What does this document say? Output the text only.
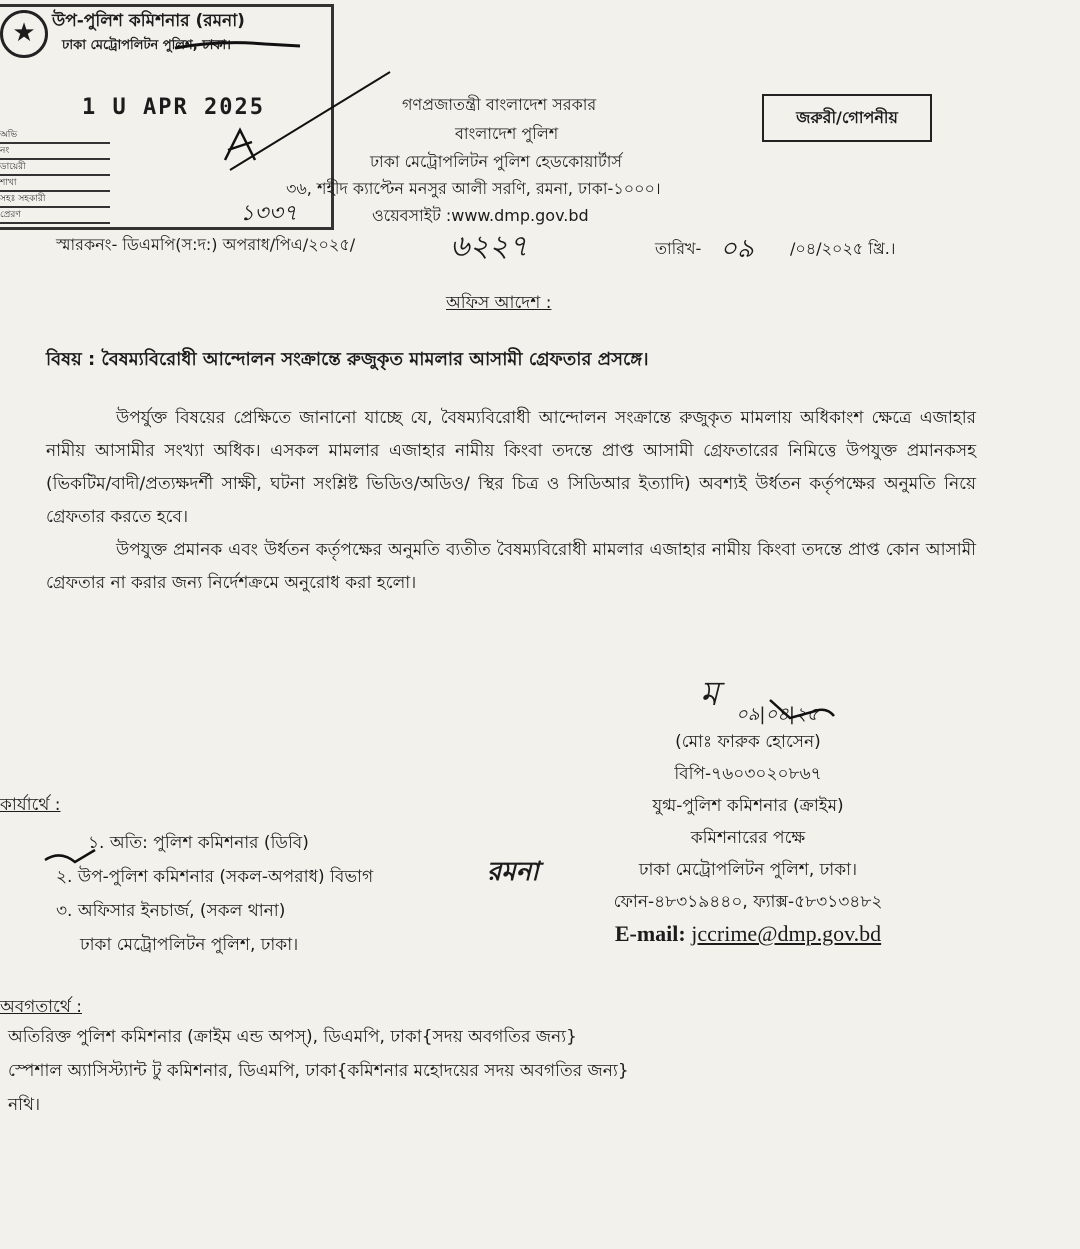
★ উপ-পুলিশ কমিশনার (রমনা)
ঢাকা মেট্রোপলিটন পুলিশ, ঢাকা।
1 U APR 2025
অভি
নং
ডায়েরী
শাখা
সহঃ সহকারী
প্রেরণ	১৩৩৭
গণপ্রজাতন্ত্রী বাংলাদেশ সরকার
বাংলাদেশ পুলিশ
ঢাকা মেট্রোপলিটন পুলিশ হেডকোয়ার্টার্স
৩৬, শহীদ ক্যাপ্টেন মনসুর আলী সরণি, রমনা, ঢাকা-১০০০।
ওয়েবসাইট :www.dmp.gov.bd
জরুরী/গোপনীয়
স্মারকনং- ডিএমপি(স:দ:) অপরাধ/পিএ/২০২৫/	৬২২৭	তারিখ- ০৯ /০৪/২০২৫ খ্রি.।
অফিস আদেশ :
বিষয় : বৈষম্যবিরোধী আন্দোলন সংক্রান্তে রুজুকৃত মামলার আসামী গ্রেফতার প্রসঙ্গে।

উপর্যুক্ত বিষয়ের প্রেক্ষিতে জানানো যাচ্ছে যে, বৈষম্যবিরোধী আন্দোলন সংক্রান্তে রুজুকৃত মামলায় অধিকাংশ ক্ষেত্রে এজাহার নামীয় আসামীর সংখ্যা অধিক। এসকল মামলার এজাহার নামীয় কিংবা তদন্তে প্রাপ্ত আসামী গ্রেফতারের নিমিত্তে উপযুক্ত প্রমানকসহ (ভিকটিম/বাদী/প্রত্যক্ষদর্শী সাক্ষী, ঘটনা সংশ্লিষ্ট ভিডিও/অডিও/ স্থির চিত্র ও সিডিআর ইত্যাদি) অবশ্যই উর্ধতন কর্তৃপক্ষের অনুমতি নিয়ে গ্রেফতার করতে হবে।

উপযুক্ত প্রমানক এবং উর্ধতন কর্তৃপক্ষের অনুমতি ব্যতীত বৈষম্যবিরোধী মামলার এজাহার নামীয় কিংবা তদন্তে প্রাপ্ত কোন আসামী গ্রেফতার না করার জন্য নির্দেশক্রমে অনুরোধ করা হলো।

ম
০৯|০৪|২৫
(মোঃ ফারুক হোসেন)
বিপি-৭৬০৩০২০৮৬৭
যুগ্ম-পুলিশ কমিশনার (ক্রাইম)
কমিশনারের পক্ষে
ঢাকা মেট্রোপলিটন পুলিশ, ঢাকা।
ফোন-৪৮৩১৯৪৪০, ফ্যাক্স-৫৮৩১৩৪৮২
E-mail: jccrime@dmp.gov.bd
কার্যার্থে :
১. অতি: পুলিশ কমিশনার (ডিবি)
২. উপ-পুলিশ কমিশনার (সকল-অপরাধ) বিভাগ
৩. অফিসার ইনচার্জ, (সকল থানা)
ঢাকা মেট্রোপলিটন পুলিশ, ঢাকা।
রমনা
অবগতার্থে :
অতিরিক্ত পুলিশ কমিশনার (ক্রাইম এন্ড অপস্), ডিএমপি, ঢাকা{সদয় অবগতির জন্য}
স্পেশাল অ্যাসিস্ট্যান্ট টু কমিশনার, ডিএমপি, ঢাকা{কমিশনার মহোদয়ের সদয় অবগতির জন্য}
নথি।
